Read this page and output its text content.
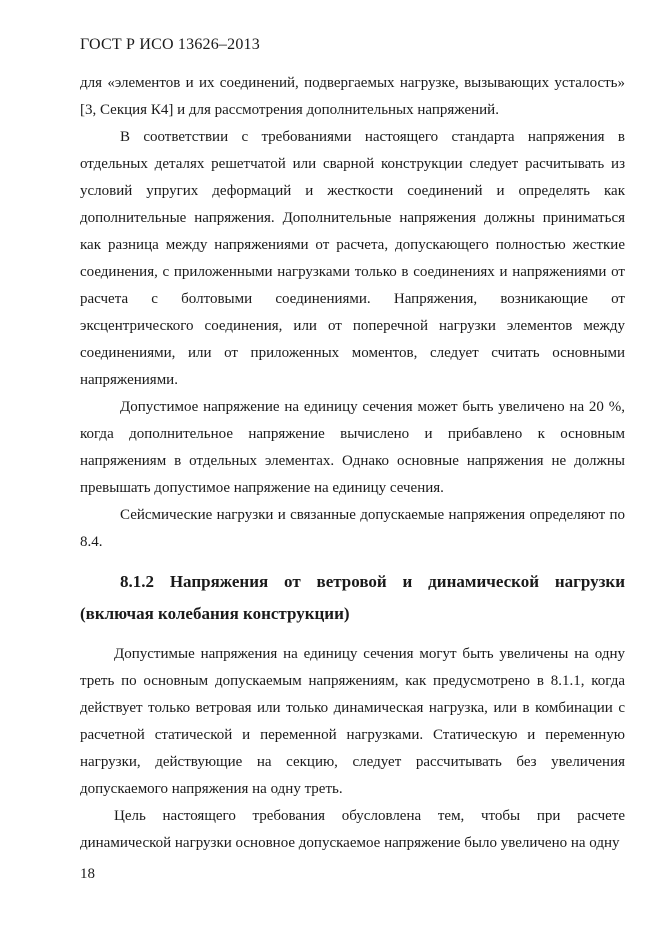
ГОСТ Р ИСО 13626–2013

для «элементов и их соединений, подвергаемых нагрузке, вызывающих усталость» [3, Секция К4] и для рассмотрения дополнительных напряжений.

В соответствии с требованиями настоящего стандарта напряжения в отдельных деталях решетчатой или сварной конструкции следует расчитывать из условий упругих деформаций и жесткости соединений и определять как дополнительные напряжения. Дополнительные напряжения должны приниматься как разница между напряжениями от расчета, допускающего полностью жесткие соединения, с приложенными нагрузками только в соединениях и напряжениями от расчета с болтовыми соединениями. Напряжения, возникающие от эксцентрического соединения, или от поперечной нагрузки элементов между соединениями, или от приложенных моментов, следует считать основными напряжениями.

Допустимое напряжение на единицу сечения может быть увеличено на 20 %, когда дополнительное напряжение вычислено и прибавлено к основным напряжениям в отдельных элементах. Однако основные напряжения не должны превышать допустимое напряжение на единицу сечения.

Сейсмические нагрузки и связанные допускаемые напряжения определяют по 8.4.

8.1.2 Напряжения от ветровой и динамической нагрузки (включая колебания конструкции)

Допустимые напряжения на единицу сечения могут быть увеличены на одну треть по основным допускаемым напряжениям, как предусмотрено в 8.1.1, когда действует только ветровая или только динамическая нагрузка, или в комбинации с расчетной статической и переменной нагрузками. Статическую и переменную нагрузки, действующие на секцию, следует рассчитывать без увеличения допускаемого напряжения на одну треть.

Цель настоящего требования обусловлена тем, чтобы при расчете динамической нагрузки основное допускаемое напряжение было увеличено на одну

18
